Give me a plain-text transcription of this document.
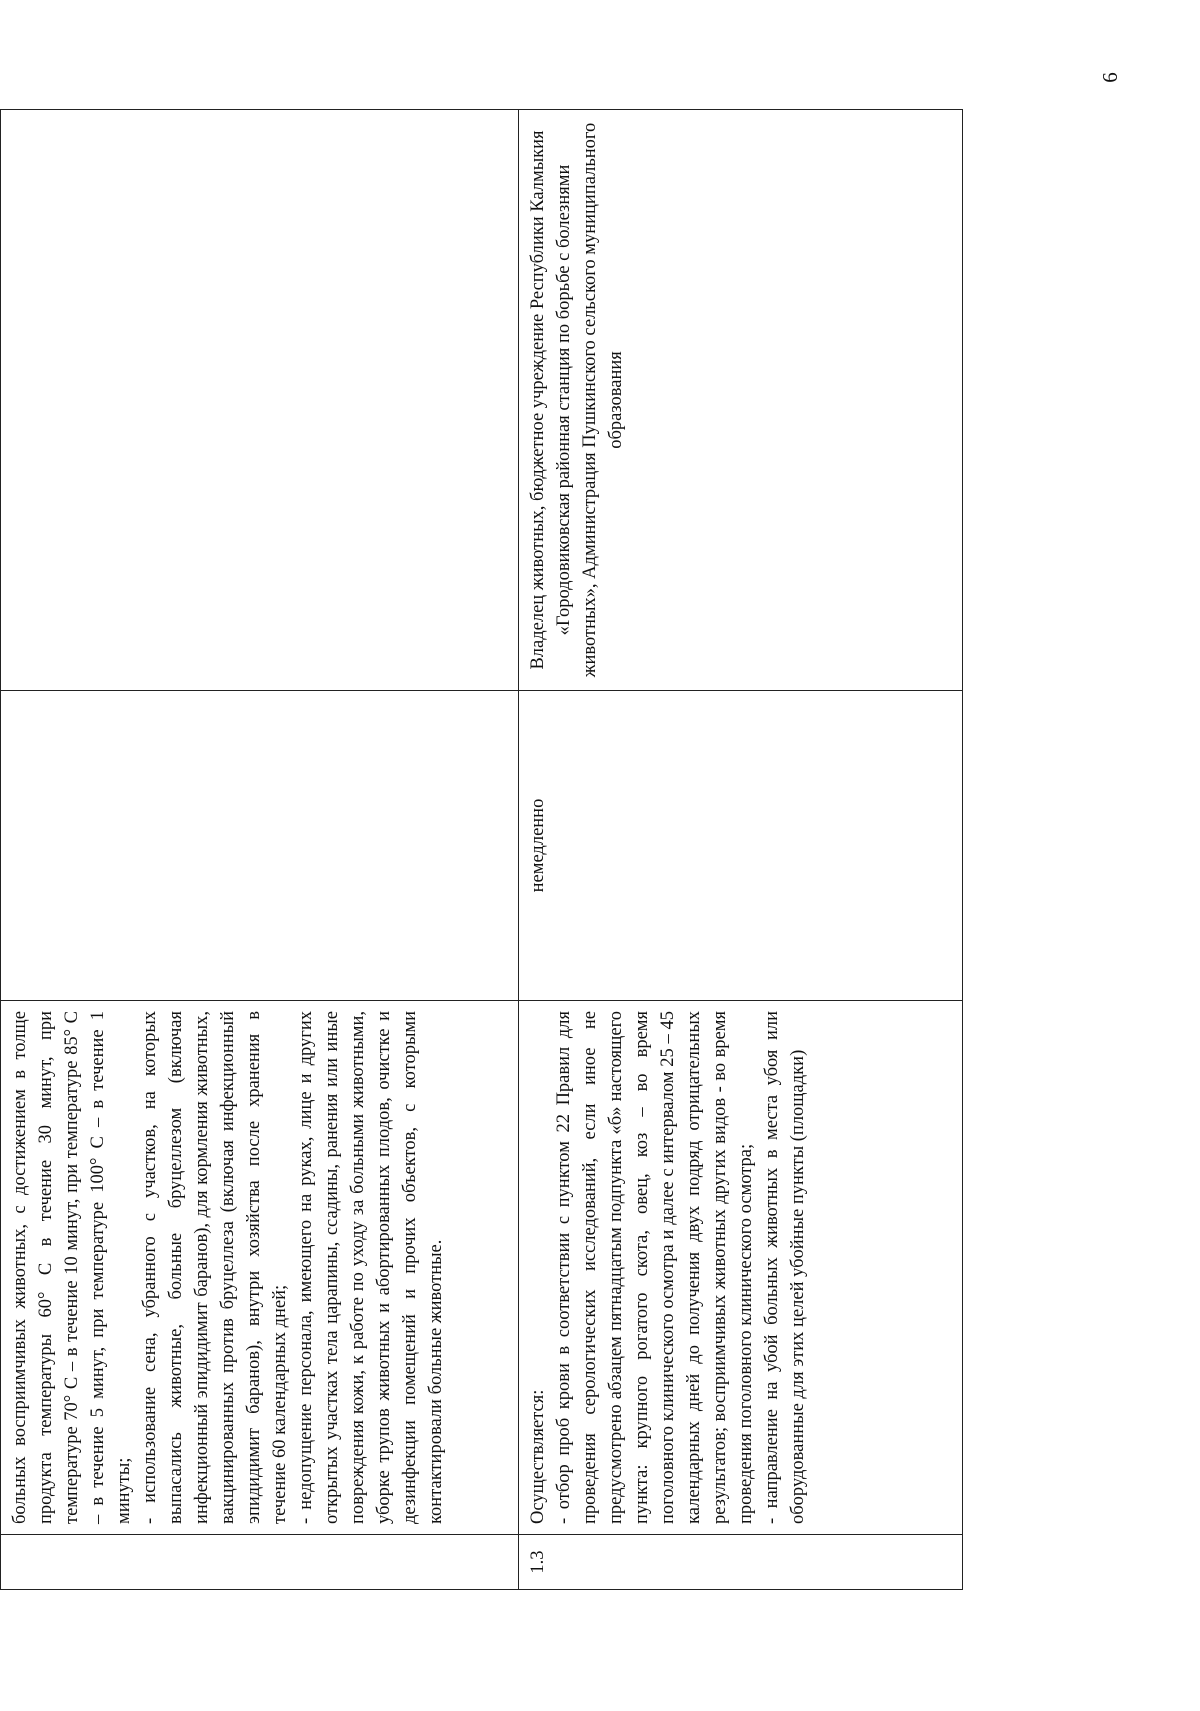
6

	больных восприимчивых животных, с достижением в толще продукта температуры 60° С в течение 30 минут, при температуре 70° С – в течение 10 минут, при температуре 85° С – в течение 5 минут, при температуре 100° С – в течение 1 минуты; - использование сена, убранного с участков, на которых выпасались животные, больные бруцеллезом (включая инфекционный эпидидимит баранов), для кормления животных, вакцинированных против бруцеллеза (включая инфекционный эпидидимит баранов), внутри хозяйства после хранения в течение 60 календарных дней; - недопущение персонала, имеющего на руках, лице и других открытых участках тела царапины, ссадины, ранения или иные повреждения кожи, к работе по уходу за больными животными, уборке трупов животных и абортированных плодов, очистке и дезинфекции помещений и прочих объектов, с которыми контактировали больные животные.		

1.3	Осуществляется: - отбор проб крови в соответствии с пунктом 22 Правил для проведения серологических исследований, если иное не предусмотрено абзацем пятнадцатым подпункта «б» настоящего пункта: крупного рогатого скота, овец, коз – во время поголовного клинического осмотра и далее с интервалом 25 – 45 календарных дней до получения двух подряд отрицательных результатов; восприимчивых животных других видов - во время проведения поголовного клинического осмотра; - направление на убой больных животных в места убоя или оборудованные для этих целей убойные пункты (площадки)	немедленно	Владелец животных, бюджетное учреждение Республики Калмыкия «Городовиковская районная станция по борьбе с болезнями животных», Администрация Пушкинского сельского муниципального образования
